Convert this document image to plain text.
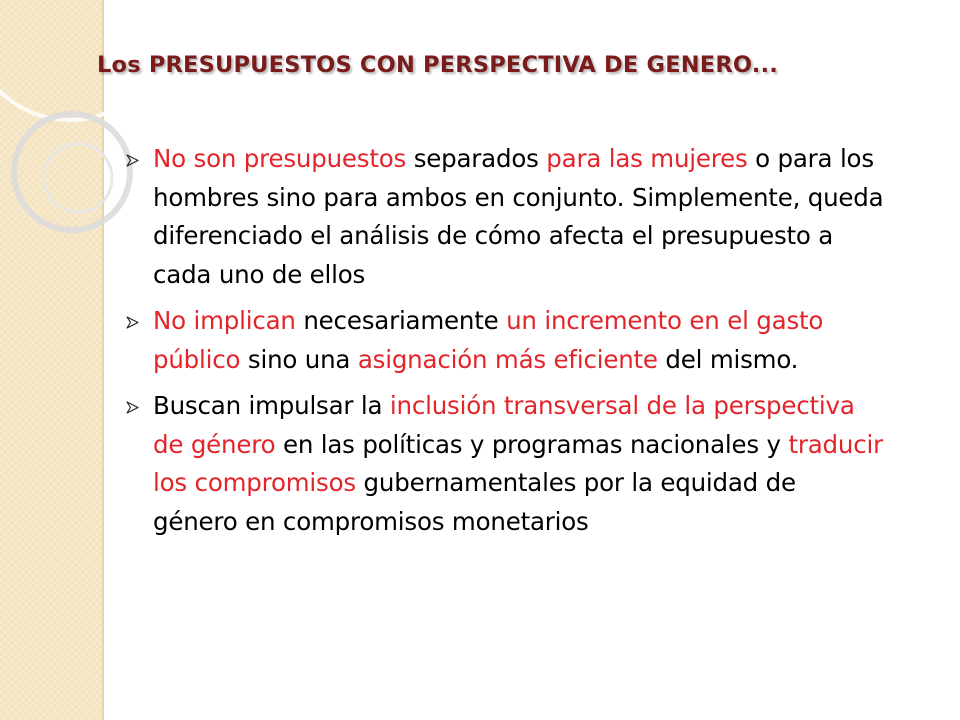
Los PRESUPUESTOS CON PERSPECTIVA DE GENERO...
No son presupuestos separados para las mujeres o para los hombres sino para ambos en conjunto. Simplemente, queda diferenciado el análisis de cómo afecta el presupuesto a cada uno de ellos
No implican necesariamente un incremento en el gasto público sino una asignación más eficiente del mismo.
Buscan impulsar la inclusión transversal de la perspectiva de género en las políticas y programas nacionales y traducir los compromisos gubernamentales por la equidad de género en compromisos monetarios
